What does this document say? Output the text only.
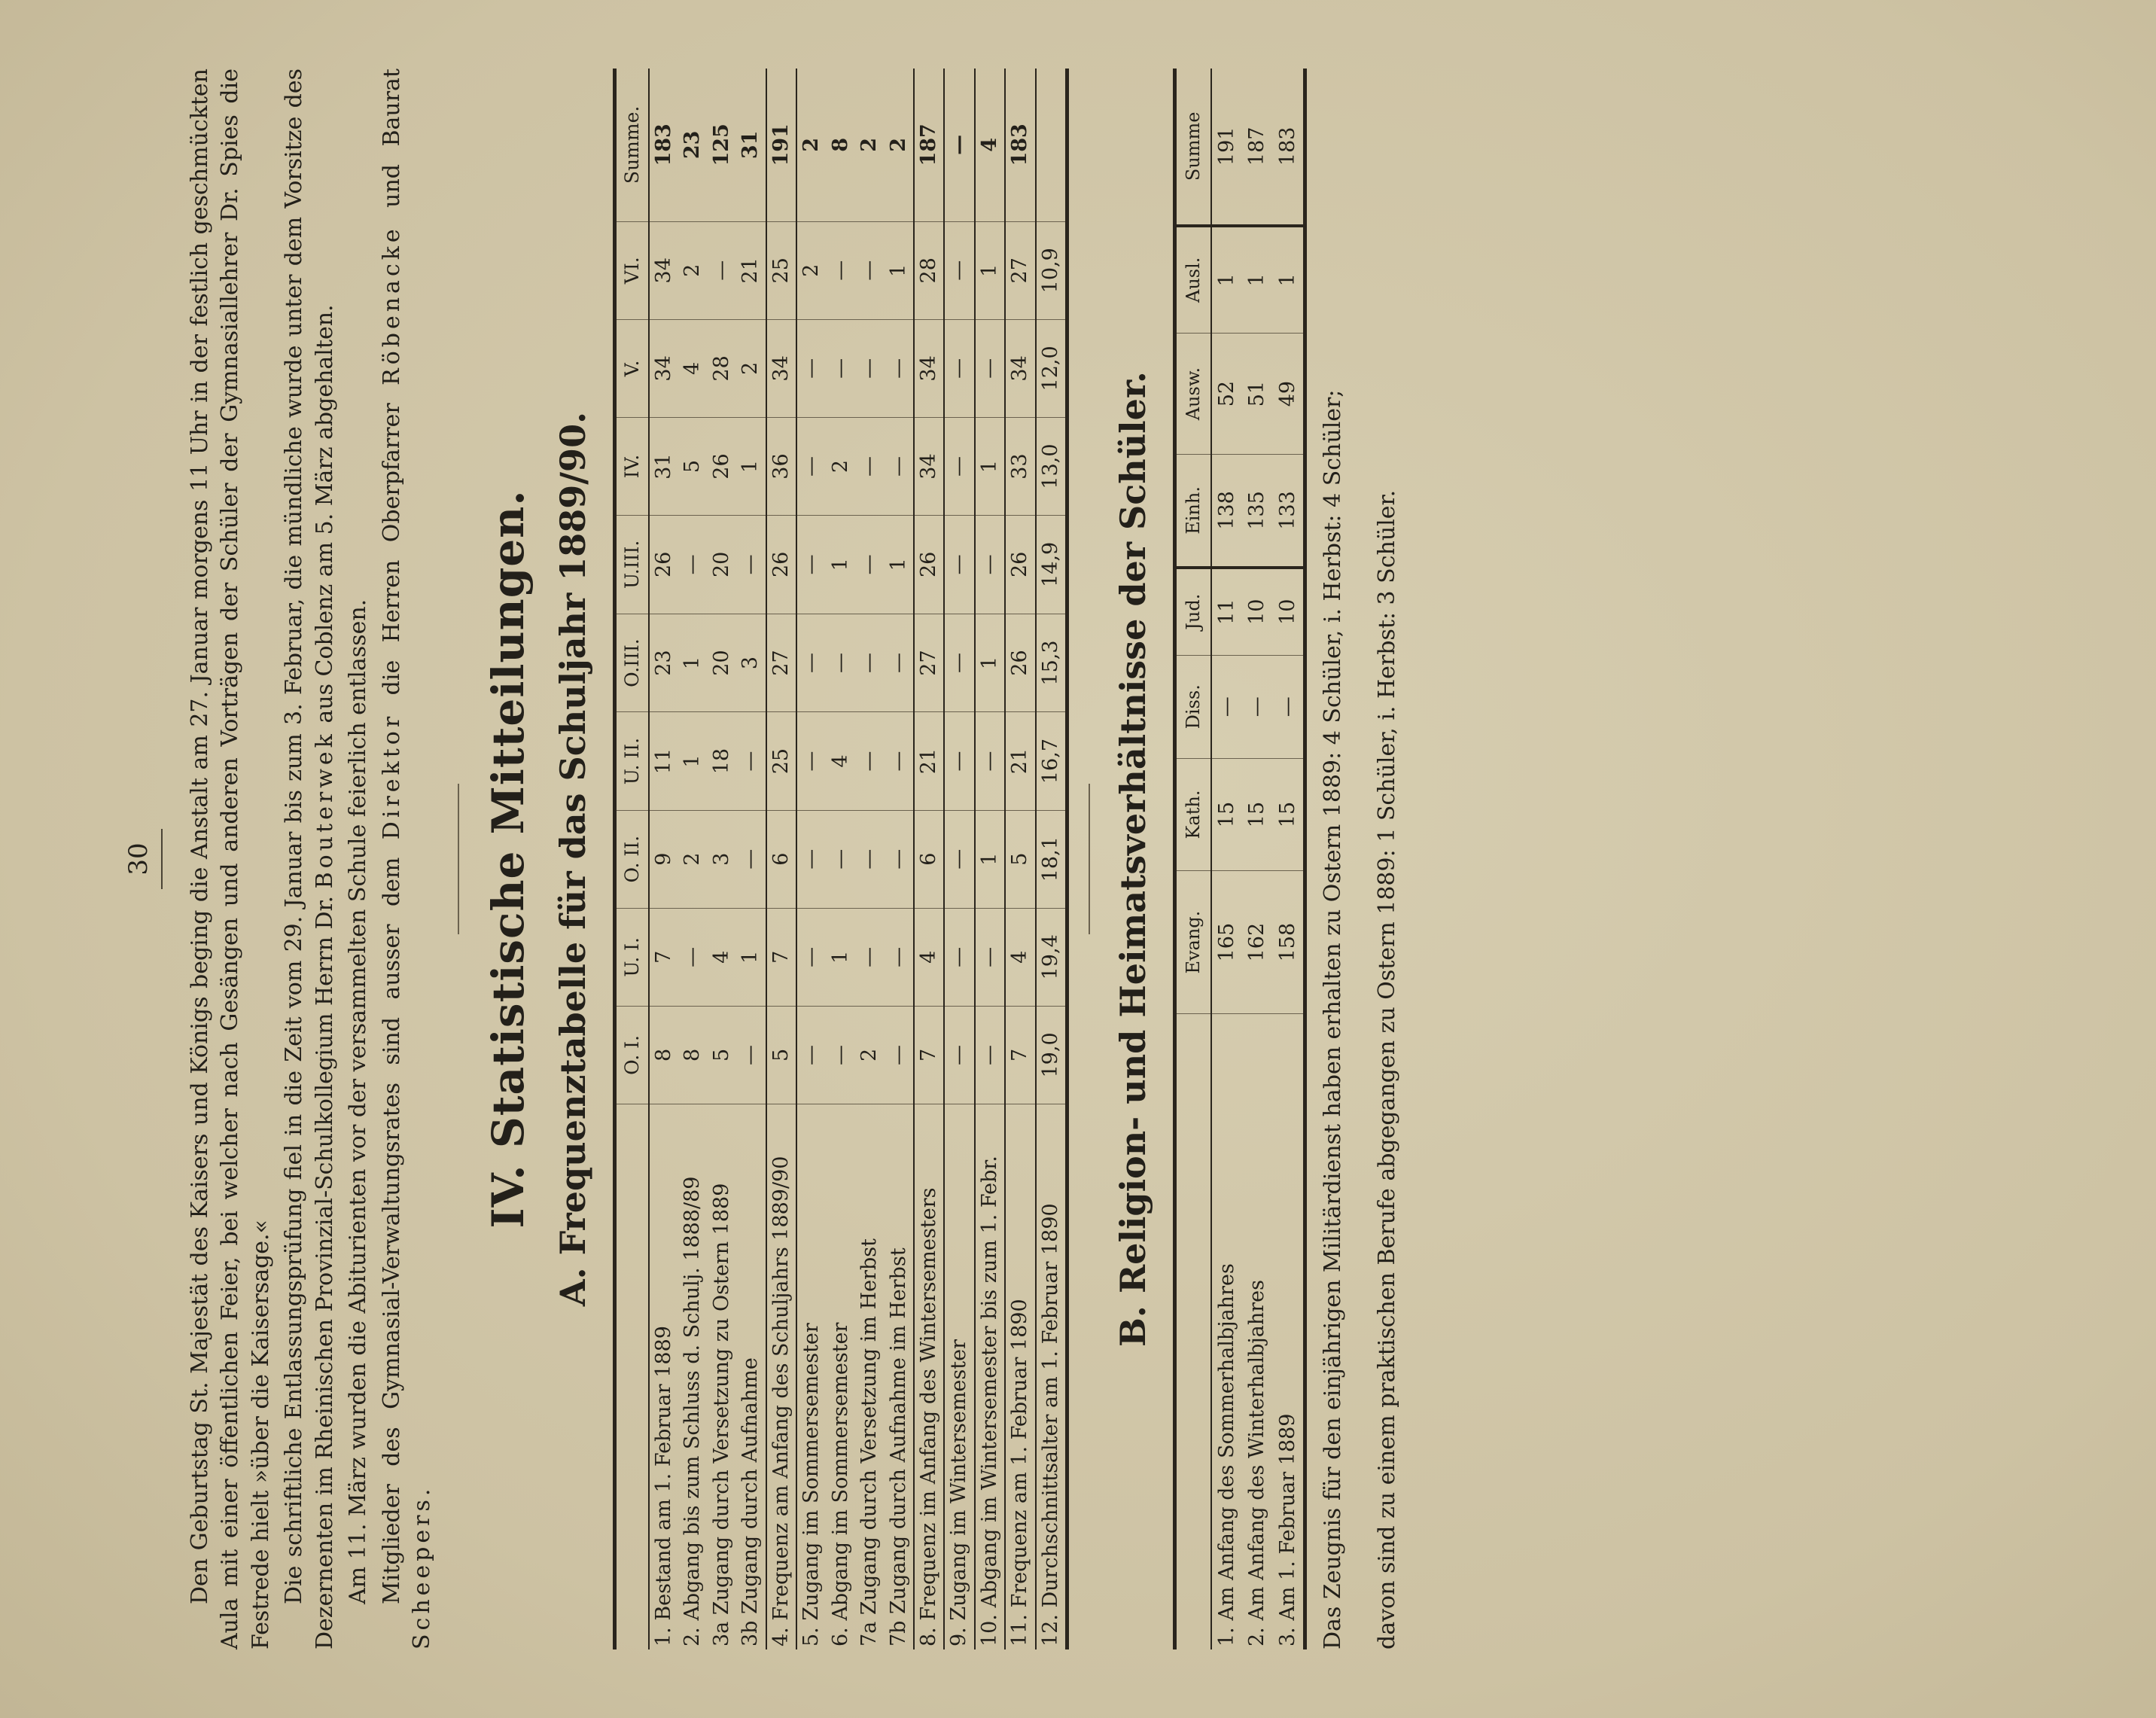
30 Den Geburtstag St. Majestät des Kaisers und Königs beging die Anstalt am 27. Januar morgens 11 Uhr in der festlich geschmückten Aula mit einer öffentlichen Feier, bei welcher nach Gesängen und anderen Vorträgen der Schüler der Gymnasiallehrer Dr. Spies die Festrede hielt »über die Kaisersage.« Die schriftliche Entlassungsprüfung fiel in die Zeit vom 29. Januar bis zum 3. Februar, die mündliche wurde unter dem Vorsitze des Dezernenten im Rheinischen Provinzial-Schulkollegium Herrn Dr. Bouterwek aus Coblenz am 5. März abgehalten.

Am 11. März wurden die Abiturienten vor der versammelten Schule feierlich entlassen. Mitglieder des Gymnasial-Verwaltungsrates sind ausser dem Direktor die Herren Oberpfarrer Röbenacke und Baurat Scheepers.

IV. Statistische Mitteilungen. A. Frequenztabelle für das Schuljahr 1889/90.
	O. I.	U. I.	O. II.	U. II.	O.III.	U.III.	IV.	V.	VI.	Summe.
1. Bestand am 1. Februar 1889	8	7	9	11	23	26	31	34	34	183
2. Abgang bis zum Schluss d. Schulj. 1888/89	8	—	2	1	1	—	5	4	2	23
3a Zugang durch Versetzung zu Ostern 1889	5	4	3	18	20	20	26	28	—	125
3b Zugang durch Aufnahme	—	1	—	—	3	—	1	2	21	31
4. Frequenz am Anfang des Schuljahrs 1889/90	5	7	6	25	27	26	36	34	25	191
5. Zugang im Sommersemester	—	—	—	—	—	—	—	—	2	2
6. Abgang im Sommersemester	—	1	—	4	—	1	2	—	—	8
7a Zugang durch Versetzung im Herbst	2	—	—	—	—	—	—	—	—	2
7b Zugang durch Aufnahme im Herbst	—	—	—	—	—	1	—	—	1	2
8. Frequenz im Anfang des Wintersemesters	7	4	6	21	27	26	34	34	28	187
9. Zugang im Wintersemester	—	—	—	—	—	—	—	—	—	—
10. Abgang im Wintersemester bis zum 1. Febr.	—	—	1	—	1	—	1	—	1	4
11. Frequenz am 1. Februar 1890	7	4	5	21	26	26	33	34	27	183
12. Durchschnittsalter am 1. Februar 1890	19,0	19,4	18,1	16,7	15,3	14,9	13,0	12,0	10,9	
B. Religion- und Heimatsverhältnisse der Schüler.
	Evang.	Kath.	Diss.	Jud.	Einh.	Ausw.	Ausl.	Summe
1. Am Anfang des Sommerhalbjahres	165	15	—	11	138	52	1	191
2. Am Anfang des Winterhalbjahres	162	15	—	10	135	51	1	187
3. Am 1. Februar 1889	158	15	—	10	133	49	1	183

Das Zeugnis für den einjährigen Militärdienst haben erhalten zu Ostern 1889: 4 Schüler, i. Herbst: 4 Schüler; davon sind zu einem praktischen Berufe abgegangen zu Ostern 1889: 1 Schüler, i. Herbst: 3 Schüler.
